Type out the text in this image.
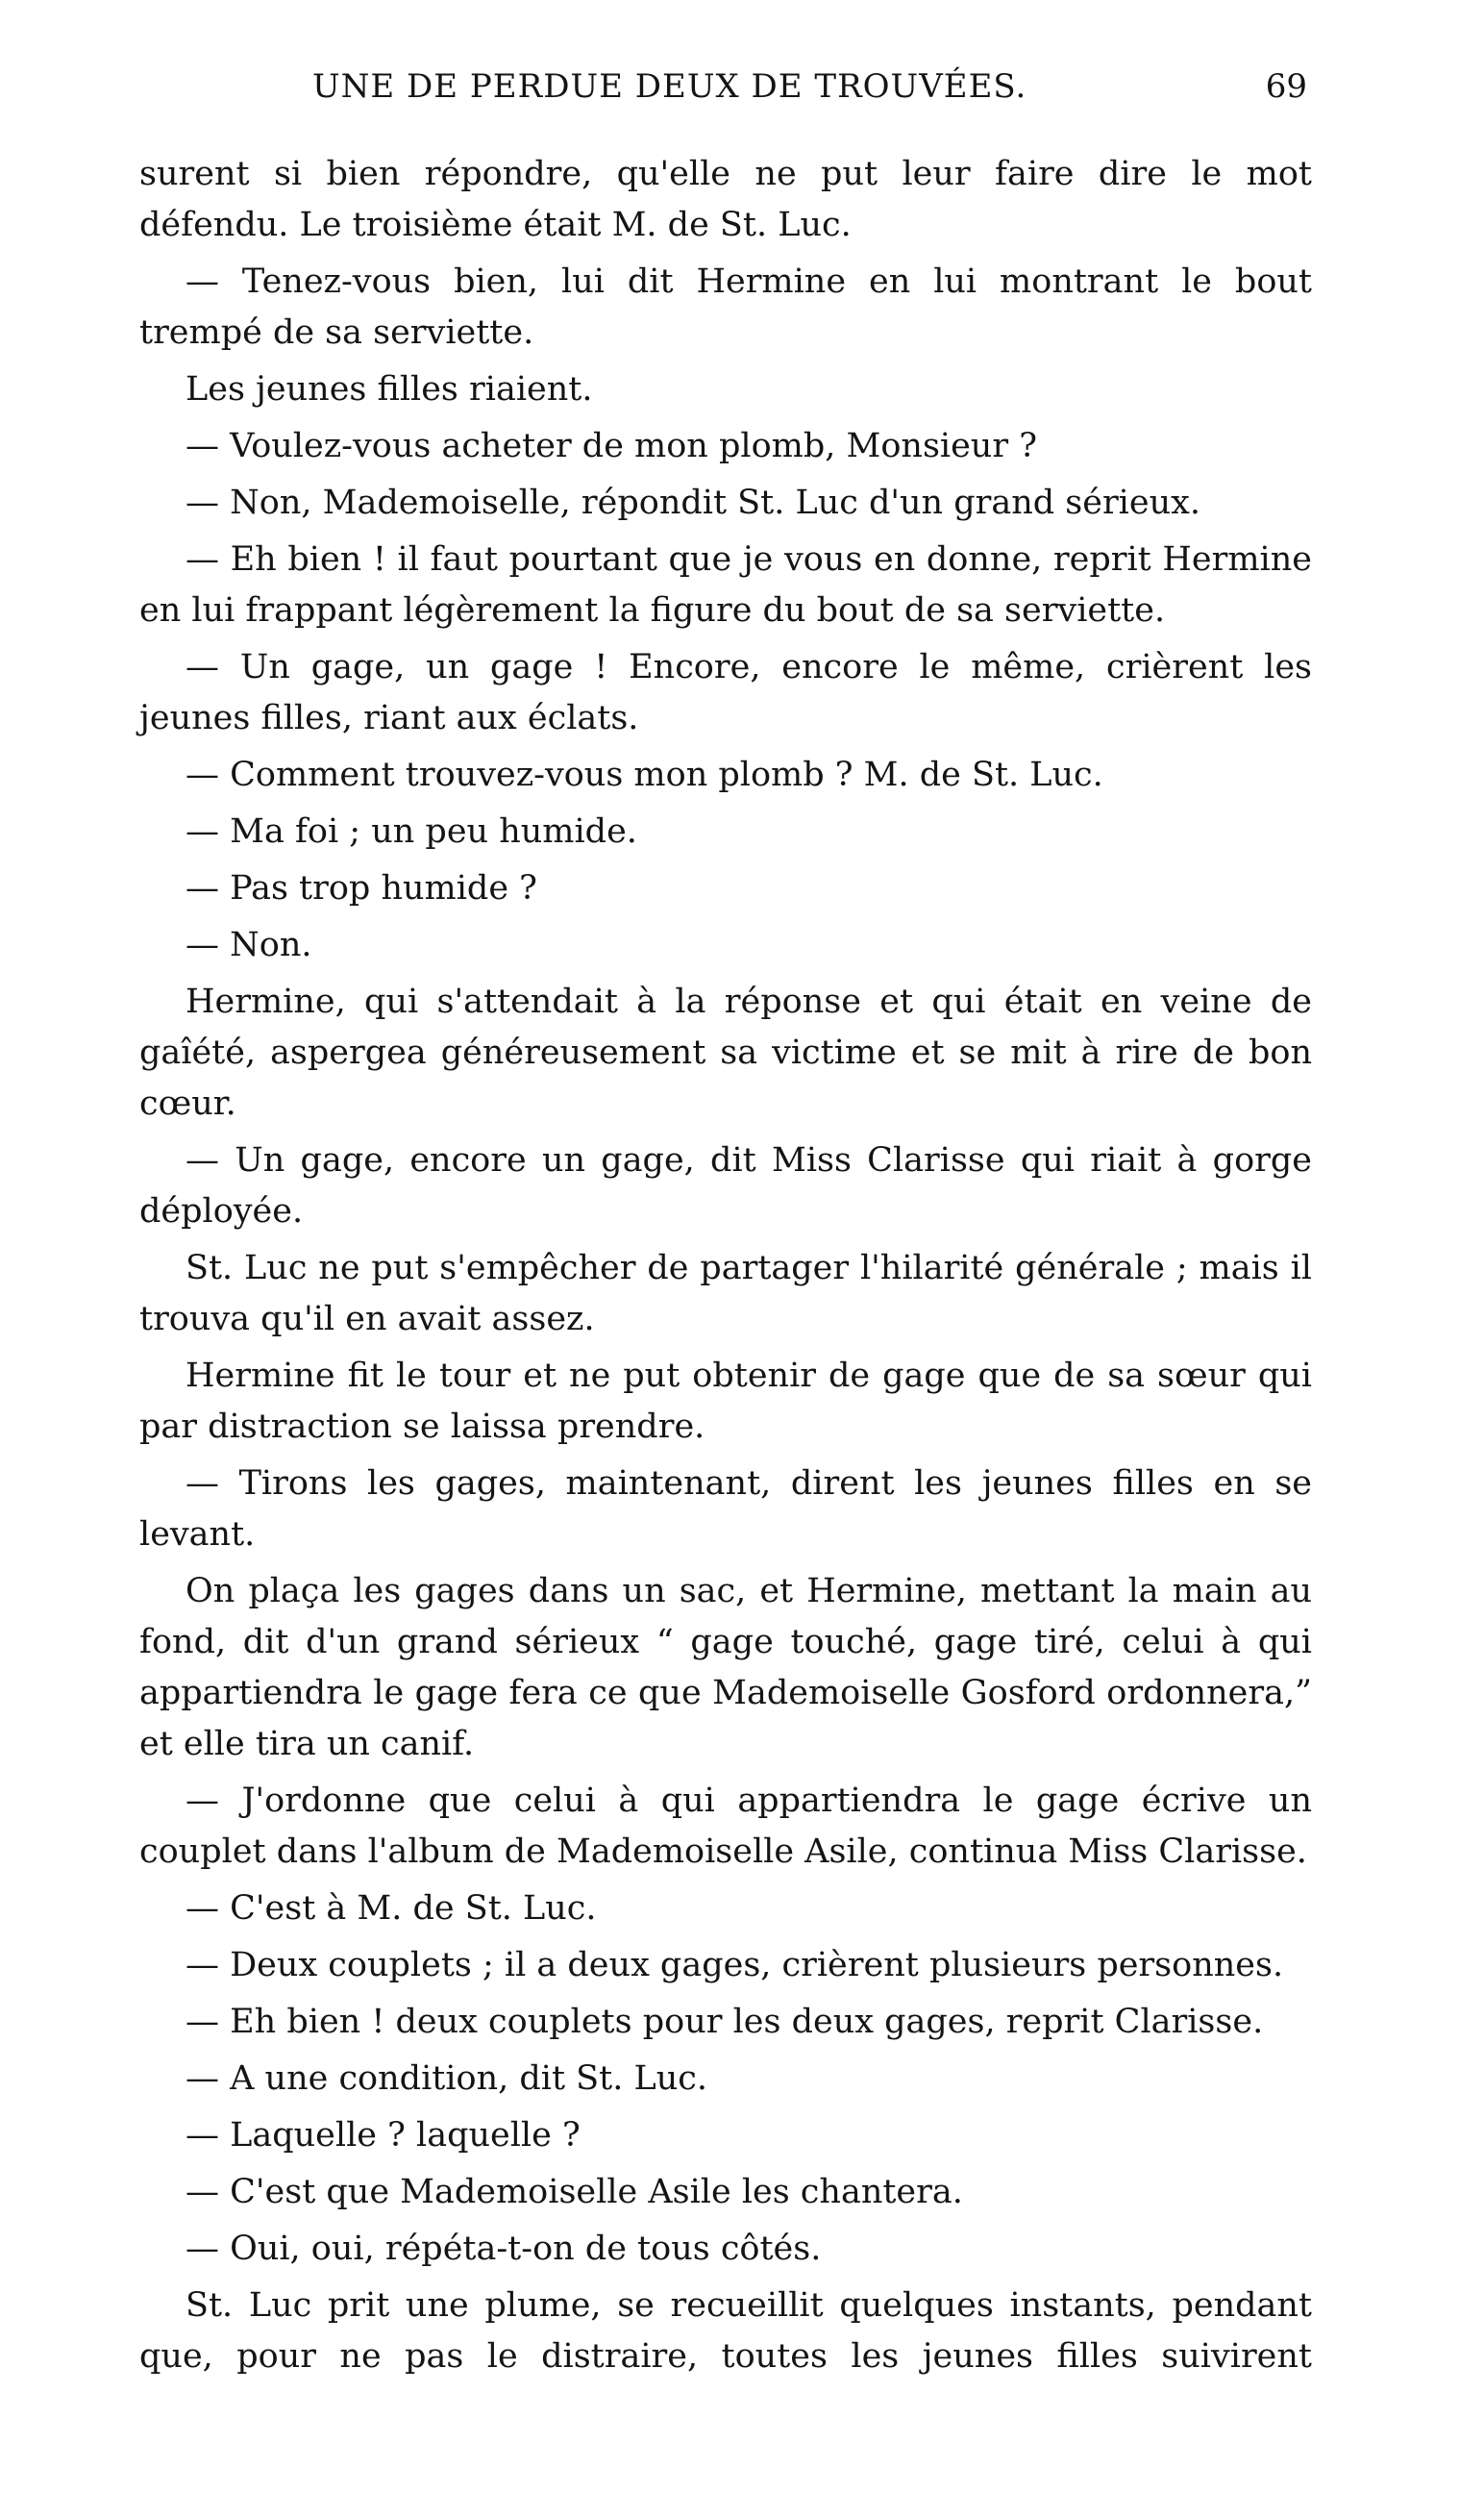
UNE DE PERDUE DEUX DE TROUVÉES.	69

surent si bien répondre, qu'elle ne put leur faire dire le mot défendu. Le troisième était M. de St. Luc.

— Tenez-vous bien, lui dit Hermine en lui montrant le bout trempé de sa serviette.

Les jeunes filles riaient.

— Voulez-vous acheter de mon plomb, Monsieur ?

— Non, Mademoiselle, répondit St. Luc d'un grand sérieux.

— Eh bien ! il faut pourtant que je vous en donne, reprit Hermine en lui frappant légèrement la figure du bout de sa serviette.

— Un gage, un gage ! Encore, encore le même, crièrent les jeunes filles, riant aux éclats.

— Comment trouvez-vous mon plomb ? M. de St. Luc.

— Ma foi ; un peu humide.

— Pas trop humide ?

— Non.

Hermine, qui s'attendait à la réponse et qui était en veine de gaîété, aspergea généreusement sa victime et se mit à rire de bon cœur.

— Un gage, encore un gage, dit Miss Clarisse qui riait à gorge déployée.

St. Luc ne put s'empêcher de partager l'hilarité générale ; mais il trouva qu'il en avait assez.

Hermine fit le tour et ne put obtenir de gage que de sa sœur qui par distraction se laissa prendre.

— Tirons les gages, maintenant, dirent les jeunes filles en se levant.

On plaça les gages dans un sac, et Hermine, mettant la main au fond, dit d'un grand sérieux “ gage touché, gage tiré, celui à qui appartiendra le gage fera ce que Mademoiselle Gosford ordonnera,” et elle tira un canif.

— J'ordonne que celui à qui appartiendra le gage écrive un couplet dans l'album de Mademoiselle Asile, continua Miss Clarisse.

— C'est à M. de St. Luc.

— Deux couplets ; il a deux gages, crièrent plusieurs personnes.

— Eh bien ! deux couplets pour les deux gages, reprit Clarisse.

— A une condition, dit St. Luc.

— Laquelle ? laquelle ?

— C'est que Mademoiselle Asile les chantera.

— Oui, oui, répéta-t-on de tous côtés.

St. Luc prit une plume, se recueillit quelques instants, pendant que, pour ne pas le distraire, toutes les jeunes filles suivirent
